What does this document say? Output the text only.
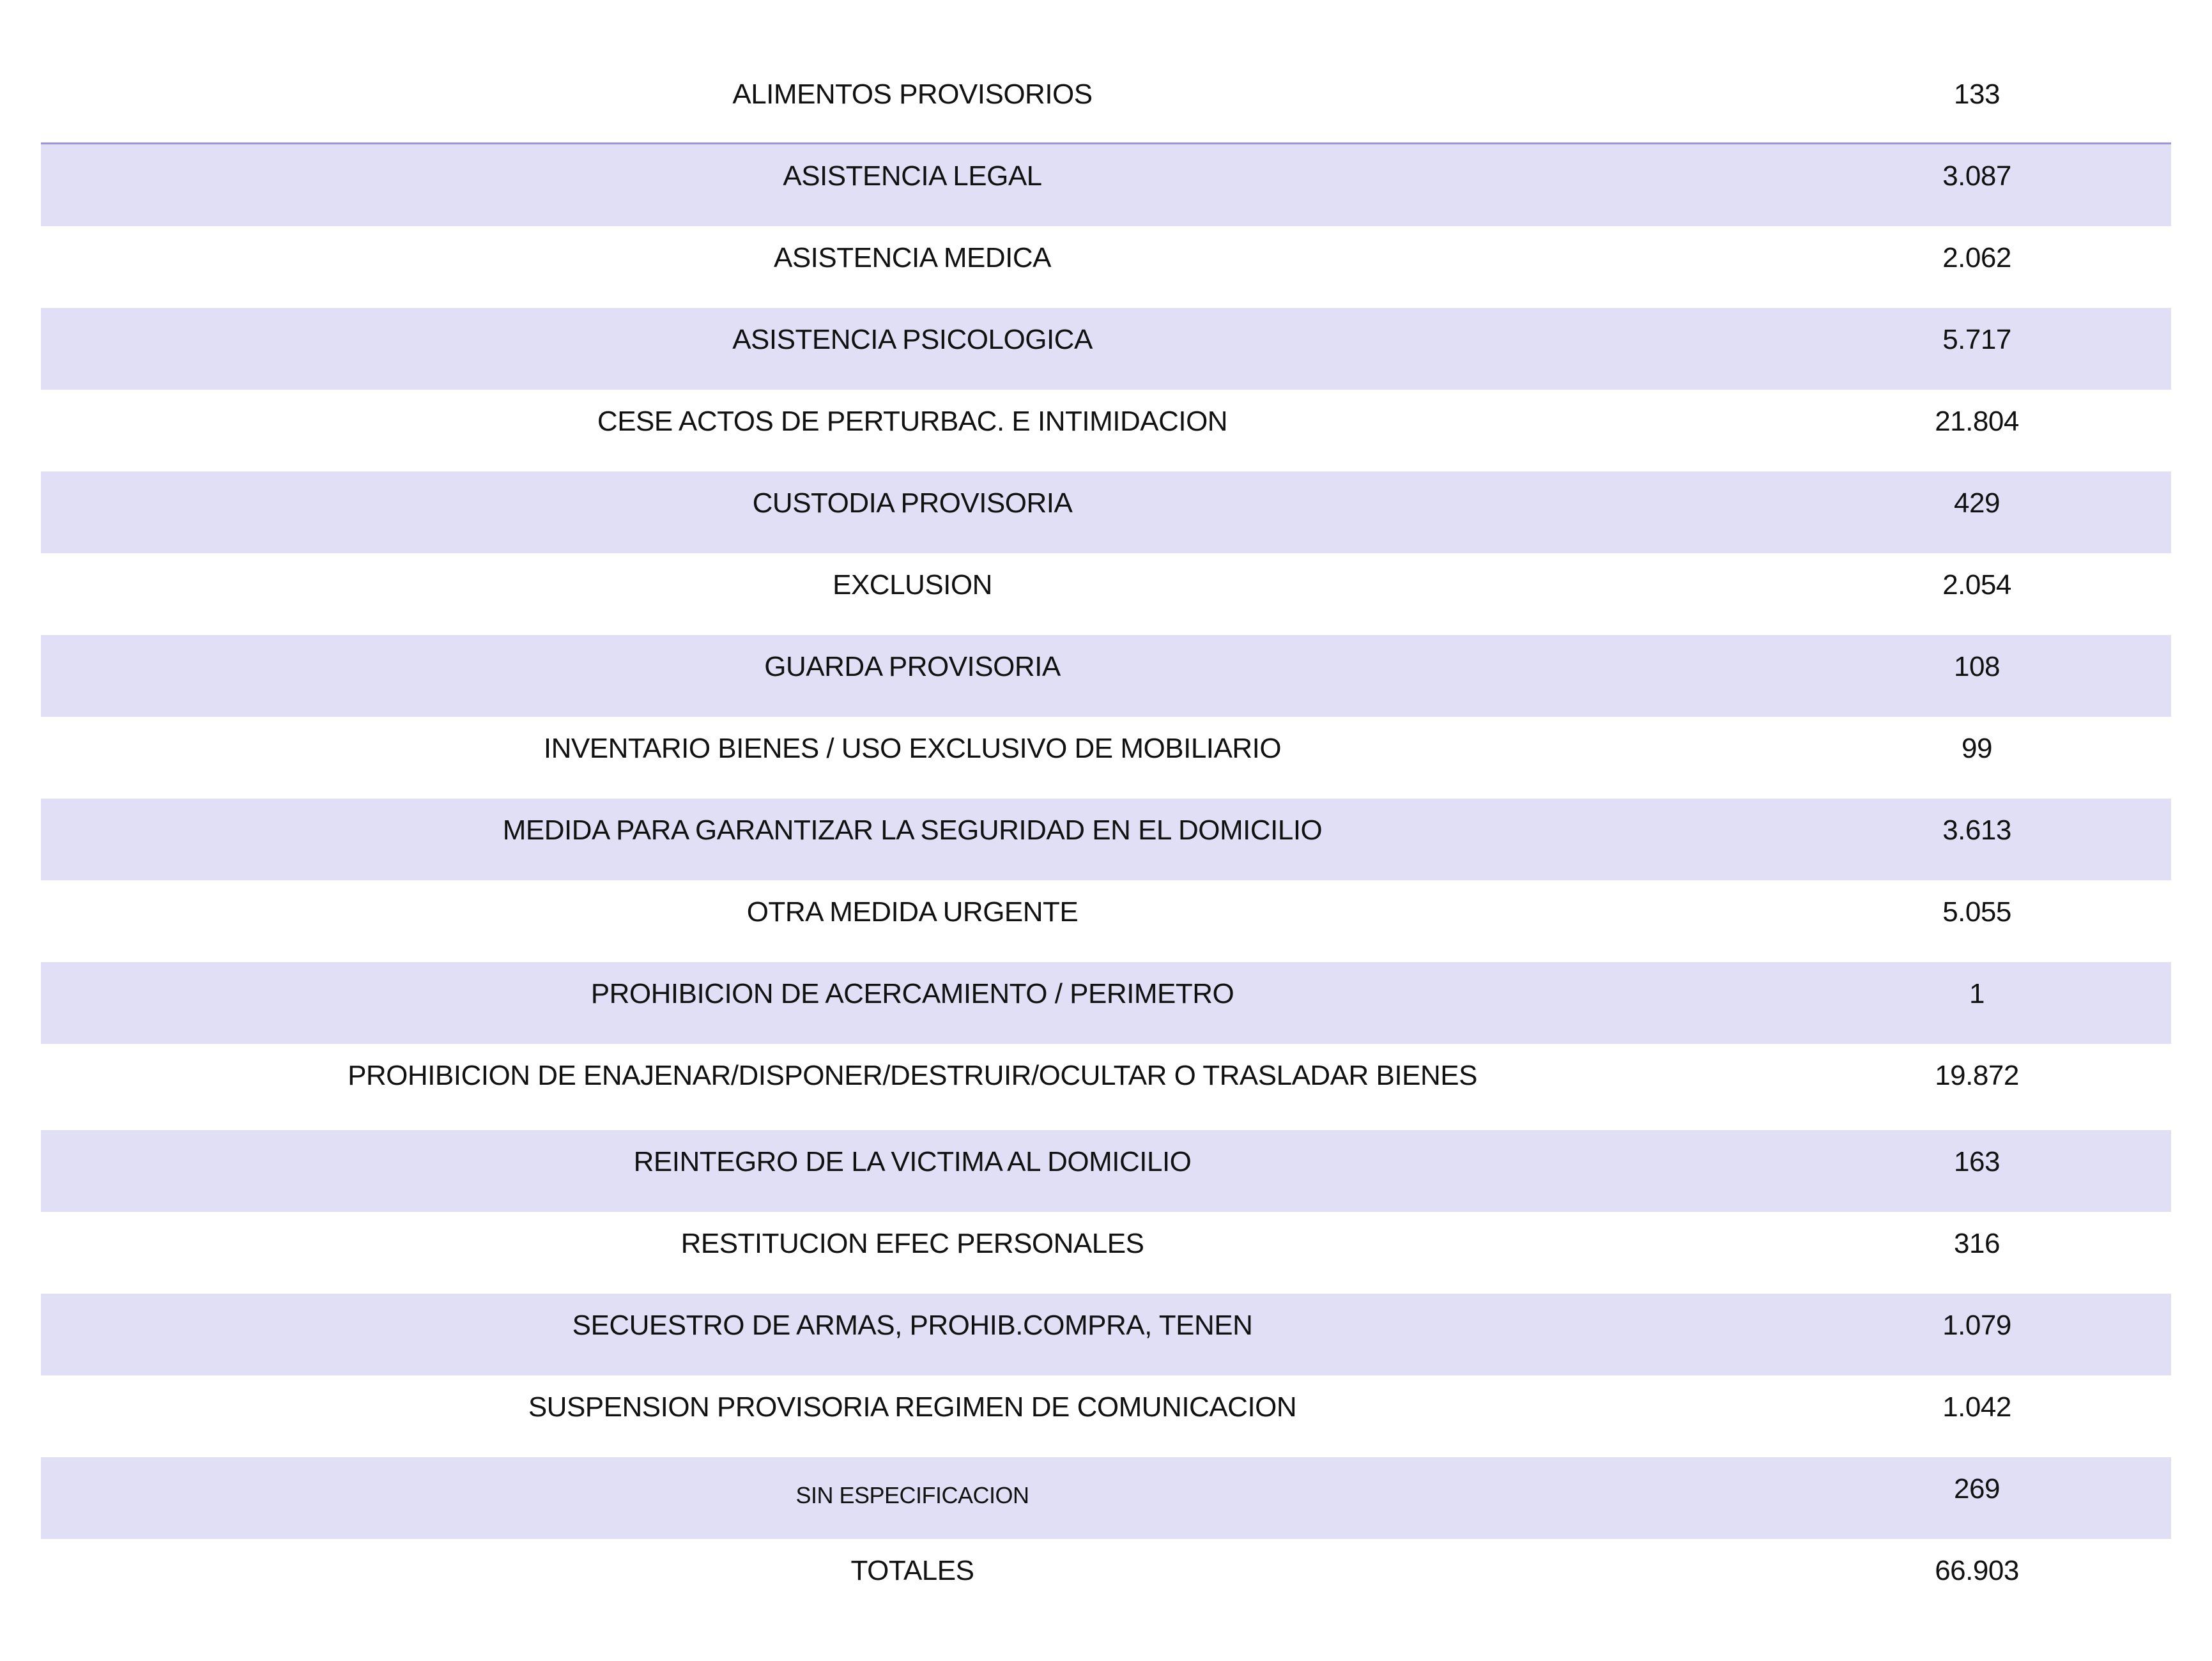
ALIMENTOS PROVISORIOS	133
ASISTENCIA LEGAL	3.087
ASISTENCIA MEDICA	2.062
ASISTENCIA PSICOLOGICA	5.717
CESE ACTOS DE PERTURBAC. E INTIMIDACION	21.804
CUSTODIA PROVISORIA	429
EXCLUSION	2.054
GUARDA PROVISORIA	108
INVENTARIO BIENES / USO EXCLUSIVO DE MOBILIARIO	99
MEDIDA PARA GARANTIZAR LA SEGURIDAD EN EL DOMICILIO	3.613
OTRA MEDIDA URGENTE	5.055
PROHIBICION DE ACERCAMIENTO / PERIMETRO	1
PROHIBICION DE ENAJENAR/DISPONER/DESTRUIR/OCULTAR O TRASLADAR BIENES	19.872
REINTEGRO DE LA VICTIMA AL DOMICILIO	163
RESTITUCION EFEC PERSONALES	316
SECUESTRO DE ARMAS, PROHIB.COMPRA, TENEN	1.079
SUSPENSION PROVISORIA REGIMEN DE COMUNICACION	1.042
SIN ESPECIFICACION	269
TOTALES	66.903
